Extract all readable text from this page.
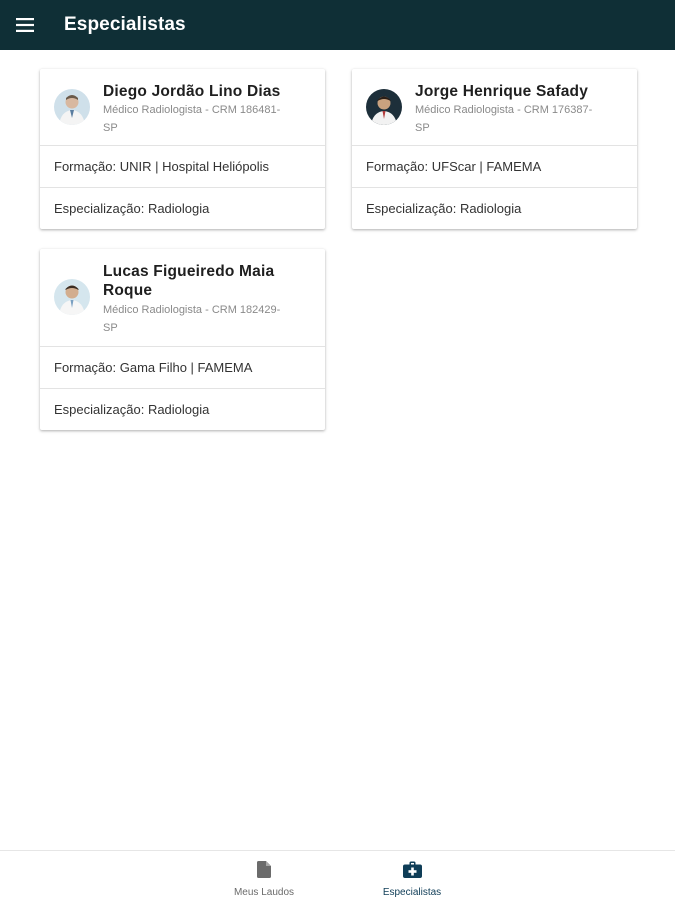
Especialistas
Diego Jordão Lino Dias
Médico Radiologista - CRM 186481-
SP
Formação: UNIR | Hospital Heliópolis
Especialização: Radiologia
Jorge Henrique Safady
Médico Radiologista - CRM 176387-
SP
Formação: UFScar | FAMEMA
Especialização: Radiologia
Lucas Figueiredo Maia
Roque
Médico Radiologista - CRM 182429-
SP
Formação: Gama Filho | FAMEMA
Especialização: Radiologia
Meus Laudos	Especialistas
